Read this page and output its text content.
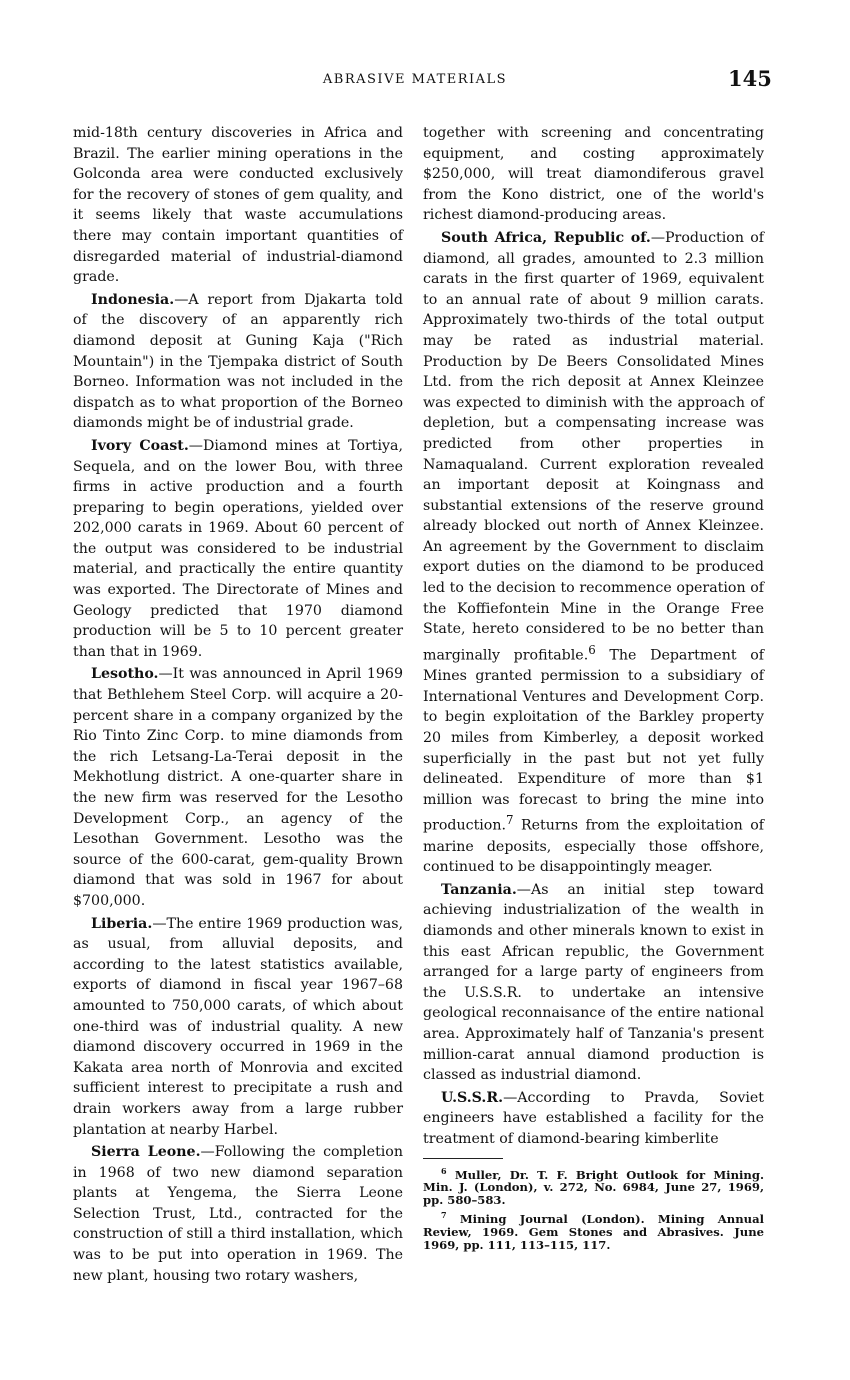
ABRASIVE MATERIALS	145

mid-18th century discoveries in Africa and Brazil. The earlier mining operations in the Golconda area were conducted exclusively for the recovery of stones of gem quality, and it seems likely that waste accumulations there may contain important quantities of disregarded material of industrial-diamond grade.

Indonesia.—A report from Djakarta told of the discovery of an apparently rich diamond deposit at Guning Kaja ("Rich Mountain") in the Tjempaka district of South Borneo. Information was not included in the dispatch as to what proportion of the Borneo diamonds might be of industrial grade.

Ivory Coast.—Diamond mines at Tortiya, Sequela, and on the lower Bou, with three firms in active production and a fourth preparing to begin operations, yielded over 202,000 carats in 1969. About 60 percent of the output was considered to be industrial material, and practically the entire quantity was exported. The Directorate of Mines and Geology predicted that 1970 diamond production will be 5 to 10 percent greater than that in 1969.

Lesotho.—It was announced in April 1969 that Bethlehem Steel Corp. will acquire a 20-percent share in a company organized by the Rio Tinto Zinc Corp. to mine diamonds from the rich Letsang-La-Terai deposit in the Mekhotlung district. A one-quarter share in the new firm was reserved for the Lesotho Development Corp., an agency of the Lesothan Government. Lesotho was the source of the 600-carat, gem-quality Brown diamond that was sold in 1967 for about $700,000.

Liberia.—The entire 1969 production was, as usual, from alluvial deposits, and according to the latest statistics available, exports of diamond in fiscal year 1967–68 amounted to 750,000 carats, of which about one-third was of industrial quality. A new diamond discovery occurred in 1969 in the Kakata area north of Monrovia and excited sufficient interest to precipitate a rush and drain workers away from a large rubber plantation at nearby Harbel.

Sierra Leone.—Following the completion in 1968 of two new diamond separation plants at Yengema, the Sierra Leone Selection Trust, Ltd., contracted for the construction of still a third installation, which was to be put into operation in 1969. The new plant, housing two rotary washers,

together with screening and concentrating equipment, and costing approximately $250,000, will treat diamondiferous gravel from the Kono district, one of the world's richest diamond-producing areas.

South Africa, Republic of.—Production of diamond, all grades, amounted to 2.3 million carats in the first quarter of 1969, equivalent to an annual rate of about 9 million carats. Approximately two-thirds of the total output may be rated as industrial material. Production by De Beers Consolidated Mines Ltd. from the rich deposit at Annex Kleinzee was expected to diminish with the approach of depletion, but a compensating increase was predicted from other properties in Namaqualand. Current exploration revealed an important deposit at Koingnass and substantial extensions of the reserve ground already blocked out north of Annex Kleinzee. An agreement by the Government to disclaim export duties on the diamond to be produced led to the decision to recommence operation of the Koffiefontein Mine in the Orange Free State, hereto considered to be no better than marginally profitable.$^6$ The Department of Mines granted permission to a subsidiary of International Ventures and Development Corp. to begin exploitation of the Barkley property 20 miles from Kimberley, a deposit worked superficially in the past but not yet fully delineated. Expenditure of more than $1 million was forecast to bring the mine into production.$^7$ Returns from the exploitation of marine deposits, especially those offshore, continued to be disappointingly meager.

Tanzania.—As an initial step toward achieving industrialization of the wealth in diamonds and other minerals known to exist in this east African republic, the Government arranged for a large party of engineers from the U.S.S.R. to undertake an intensive geological reconnaisance of the entire national area. Approximately half of Tanzania's present million-carat annual diamond production is classed as industrial diamond.

U.S.S.R.—According to Pravda, Soviet engineers have established a facility for the treatment of diamond-bearing kimberlite

$^6$ Muller, Dr. T. F. Bright Outlook for Mining. Min. J. (London), v. 272, No. 6984, June 27, 1969, pp. 580–583.

$^7$ Mining Journal (London). Mining Annual Review, 1969. Gem Stones and Abrasives. June 1969, pp. 111, 113–115, 117.
